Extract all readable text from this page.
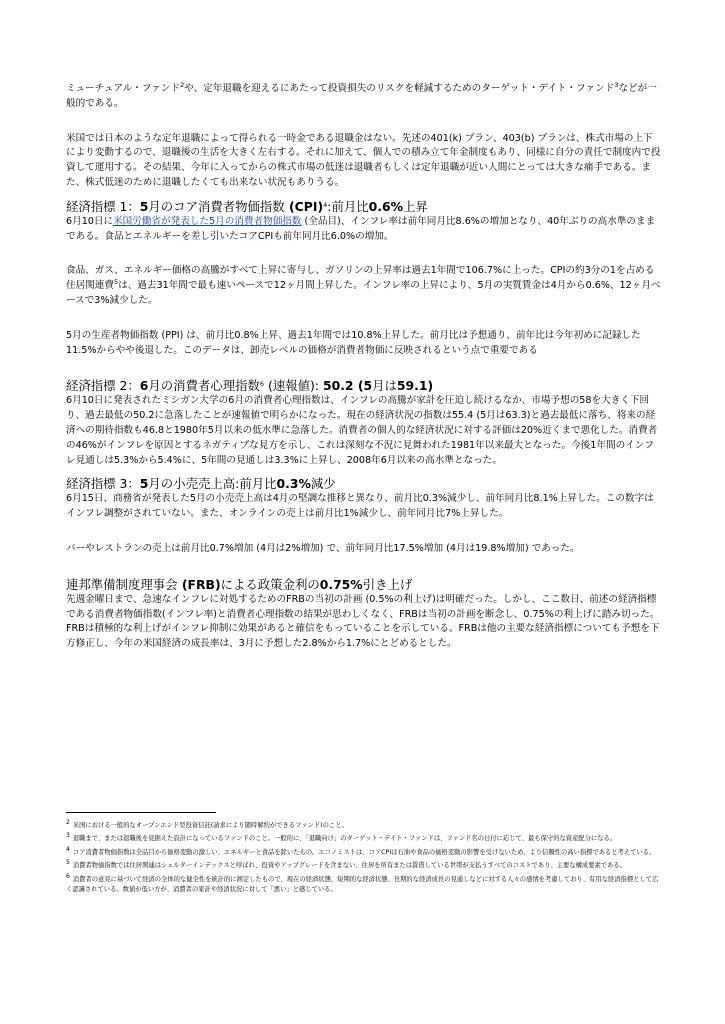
ミューチュアル・ファンド$^2$や、定年退職を迎えるにあたって投資損失のリスクを軽減するためのターゲット・デイト・ファンド$^3$などが一般的である。

米国では日本のような定年退職によって得られる一時金である退職金はない。先述の401(k) プラン、403(b) プランは、株式市場の上下により変動するので、退職後の生活を大きく左右する。それに加えて、個人での積み立て年金制度もあり、同様に自分の責任で制度内で投資して運用する。その結果、今年に入ってからの株式市場の低迷は退職者もしくは定年退職が近い人間にとっては大きな痛手である。また、株式低迷のために退職したくても出来ない状況もありうる。

経済指標 1：5月のコア消費者物価指数 (CPI)$^4$:前月比0.6%上昇

6月10日に米国労働省が発表した5月の消費者物価指数 (全品目)、インフレ率は前年同月比8.6%の増加となり、40年ぶりの高水準のままである。食品とエネルギーを差し引いたコアCPIも前年同月比6.0%の増加。

食品、ガス、エネルギー価格の高騰がすべて上昇に寄与し、ガソリンの上昇率は過去1年間で106.7%に上った。CPIの約3分の1を占める住居関連費$^5$は、過去31年間で最も速いペースで12ヶ月間上昇した。インフレ率の上昇により、5月の実質賃金は4月から0.6%、12ヶ月ベースで3%減少した。

5月の生産者物価指数 (PPI) は、前月比0.8%上昇、過去1年間では10.8%上昇した。前月比は予想通り、前年比は今年初めに記録した11.5%からやや後退した。このデータは、卸売レベルの価格が消費者物価に反映されるという点で重要である

経済指標 2：6月の消費者心理指数$^6$ (速報値): 50.2 (5月は59.1)

6月10日に発表されたミシガン大学の6月の消費者心理指数は、インフレの高騰が家計を圧迫し続けるなか、市場予想の58を大きく下回り、過去最低の50.2に急落したことが速報値で明らかになった。現在の経済状況の指数は55.4 (5月は63.3)と過去最低に落ち、将来の経済への期待指数も46.8と1980年5月以来の低水準に急落した。消費者の個人的な経済状況に対する評価は20%近くまで悪化した。消費者の46%がインフレを原因とするネガティブな見方を示し、これは深刻な不況に見舞われた1981年以来最大となった。今後1年間のインフレ見通しは5.3%から5.4%に、5年間の見通しは3.3%に上昇し、2008年6月以来の高水準となった。

経済指標 3：5月の小売売上高:前月比0.3%減少

6月15日、商務省が発表した5月の小売売上高は4月の堅調な推移と異なり、前月比0.3%減少し、前年同月比8.1%上昇した。この数字はインフレ調整がされていない。また、オンラインの売上は前月比1%減少し、前年同月比7%上昇した。

バーやレストランの売上は前月比0.7%増加 (4月は2%増加) で、前年同月比17.5%増加 (4月は19.8%増加) であった。

連邦準備制度理事会 (FRB)による政策金利の0.75%引き上げ

先週金曜日まで、急速なインフレに対処するためのFRBの当初の計画 (0.5%の利上げ)は明確だった。しかし、ここ数日、前述の経済指標である消費者物価指数(インフレ率)と消費者心理指数の結果が思わしくなく、FRBは当初の計画を断念し、0.75%の利上げに踏み切った。FRBは積極的な利上げがインフレ抑制に効果があると確信をもっていることを示している。FRBは他の主要な経済指標についても予想を下方修正し、今年の米国経済の成長率は、3月に予想した2.8%から1.7%にとどめるとした。

$^2$ 米国における一般的なオープンエンド型投資信託(請求により随時解約ができるファンド)のこと。

$^3$ 退職まで、または退職後を見据えた設計になっているファンドのこと。一般的に、「退職向け」のターゲット・デイト・ファンドは、ファンド名の日付に応じて、最も保守的な資産配分になる。

$^4$ コア消費者物価指数は全品目から価格変動の激しい、エネルギーと食品を除いたもの。エコノミストは、コアCPIは石油や食品の価格変動の影響を受けないため、より信頼性の高い指標であると考えている。

$^5$ 消費者物価指数では住居関連はシェルターインデックスと呼ばれ、投資やアップグレードを含まない、住居を所有または賃借している世帯が支払うすべてのコストであり、主要な構成要素である。

$^6$ 消費者の意見に基づいて経済の全体的な健全性を統計的に測定したもので、現在の経済状態、短期的な経済状態、長期的な経済成長の見通しなどに対する人々の感情を考慮しており、有用な経済指標として広く認識されている。数値が低い方が、消費者の家計や経済状況に対して「悪い」と感じている。
